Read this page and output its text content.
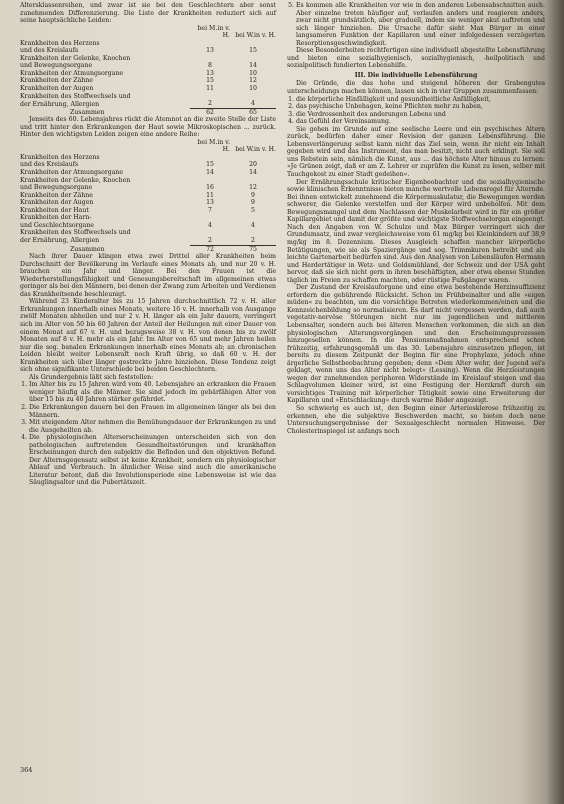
Altersklassenreihen, und zwar ist sie bei den Geschlechtern aber sonst zunehmenden Differenzierung. Die Liste der Krankheiten reduziert sich auf seine hauptsächliche Leiden:

	bei M.in v. H.	bei W.in v. H.
Krankheiten des Herzens		
und des Kreislaufs	13	15
Krankheiten der Gelenke, Knochen		
und Bewegungsorgane	8	14
Krankheiten der Atmungsorgane	13	10
Krankheiten der Zähne	15	12
Krankheiten der Augen	11	10
Krankheiten des Stoffwechsels und		
der Ernährung, Allergien	2	4
Zusammen	62	65

Jenseits des 60. Lebensjahres rückt die Atemnot an die zweite Stelle der Liste und tritt hinter den Erkrankungen der Haut sowie Mikroskopischen ... zurück. Hinter den wichtigsten Leiden zeigen eine andere Reihe:

	bei M.in v. H.	bei W.in v. H.
Krankheiten des Herzens		
und des Kreislaufs	15	20
Krankheiten der Atmungsorgane	14	14
Krankheiten der Gelenke, Knochen		
und Bewegungsorgane	16	12
Krankheiten der Zähne	11	9
Krankheiten der Augen	13	9
Krankheiten der Haut	7	5
Krankheiten der Harn-		
und Geschlechtsorgane	4	4
Krankheiten des Stoffwechsels und		
der Ernährung, Allergien	2	2
Zusammen	72	75

Nach ihrer Dauer klingen etwa zwei Drittel aller Krankheiten beim Durchschnitt der Bevölkerung im Verlaufe eines Monats ab, und nur 20 v. H. brauchen ein Jahr und länger. Bei den Frauen ist die Wiederherstellungsfähigkeit und Genesungsbereitschaft im allgemeinen etwas geringer als bei den Männern, bei denen der Zwang zum Arbeiten und Verdienen das Krankheitsende beschleunigt.

Während 23 Kinderalter bis zu 15 Jahren durchschnittlich 72 v. H. aller Erkrankungen innerhalb eines Monats, weitere 16 v. H. innerhalb von Ausgange zwölf Monaten abheilen und nur 2 v. H. länger als ein Jahr dauern, verringert sich im Alter von 50 bis 60 Jahren der Anteil der Heilungen mit einer Dauer von einem Monat auf 67 v. H. und bezugsweise 38 v. H. von denen bis zu zwölf Monaten auf 8 v. H. mehr als ein Jahr. Im Alter von 65 und mehr Jahren heilen nur die sog. banalen Erkrankungen innerhalb eines Monats ab; an chronischen Leiden bleibt weiter Lebensraft noch Kraft übrig, so daß 60 v. H. der Krankheiten sich über länger gestreckte Jahre hinziehen. Diese Tendenz zeigt sich ohne signifikante Unterschiede bei beiden Geschlechtern.

Als Grundergebnis läßt sich feststellen:

1. Im Alter bis zu 15 Jahren wird vom 40. Lebensjahre an erkranken die Frauen weniger häufig als die Männer. Sie sind jedoch im gebärfähigen Alter von über 15 bis zu 40 Jahren stärker gefährdet.
2. Die Erkrankungen dauern bei den Frauen im allgemeinen länger als bei den Männern.
3. Mit steigendem Alter nehmen die Bemühungsdauer der Erkrankungen zu und die Ausgeheilten ab.
4. Die physiologischen Alterserscheinungen unterscheiden sich von den pathologischen auftretenden Gesundheitsstörungen und krankhaften Erscheinungen durch den subjektiv die Befinden und den objektiven Befund. Der Alternsgegensatz selbst ist keine Krankheit, sondern ein physiologischer Ablauf und Verbrauch. In ähnlicher Weise sind auch die amerikanische Literatur betont, daß die Involutionsperiode eine Lebensweise ist wie das Säuglingsalter und die Pubertätszeit.
5. Es kommen alle Krankheiten vor wie in den anderen Lebensabschnitten auch. Aber einzelne treten häufiger auf, verlaufen anders und reagieren anders, zwar nicht grundsätzlich, aber graduell, indem sie weniger akut auftreten und sich länger hinziehen. Die Ursache dafür sieht Max Bürger in einer langsameren Funktion der Kapillaren und einer infolgedessen verzögerten Resorptionsgeschwindigkeit.

Diese Besonderheiten rechtfertigen eine individuell abgestellte Lebensführung und bieten eine sozialhygienisch, sozialhygienisch, -heilpolitisch und sozialpolitisch fundierten Lebenshilfe.

III. Die individuelle Lebensführung

Die Gründe, die das hohe und steigend höheren der Grabengutes unterscheidungs machen können, lassen sich in vier Gruppen zusammenfassen:

1. die körperliche Hinfälligkeit und gesundheitliche Anfälligkeit,
2. das psychische Unbehagen, keine Pflichten mehr zu haben,
3. die Verdrossenheit des anderungen Lebens und
4. das Gefühl der Vereinsamung.

Sie gehen im Grunde auf eine seelische Leere und ein psychisches Altern zurück, bedürfen daher einer Revision der ganzen Lebensführung. Die Lebensverlängerung selbst kann nicht das Ziel sein, wenn ihr nicht ein Inhalt gegeben wird und das Instrument, das man besitzt, nicht auch erklingt. Sie soll uns Rebstein sein, nämlich die Kunst, aus ... das höchste Alter hinaus zu lernen: »Je Grünen zeigt, daß er am Z. Lehrer er zuprüfen die Kunst zu lesen, selber mit Tauchgekost zu einer Stadt gedeihen«.

Der Ernährungsschule kritischer Eigenbeobachter und die sozialhygienische sowie klinischen Erkenntnisse bieten manche wertvolle Lebensregel für Alternde. Bei ihnen entwickelt zunehmend die Körpermuskulatur, die Bewegungen werden schwerer, die Gelenke verstelfen und der Körper wird unbeholfen. Mit dem Bewegungsmangel und dem Nachlassen der Muskelarbeit wird in für ein größer Kapillargebiet und damit der größte und wichtigste Stoffwechselorgan eingeengt. Nach den Angaben von W. Schulze und Max Bürger verringert sich der Grundumsatz, und zwar vergleichsweise vom 61 mg/kg bei Kleinkindern auf 38,9 mg/kg im 8. Dezennium. Dieses Ausgleich schaffen mancher körperliche Betätigungen, wie sie als Spaziergänge und sog. Trimmkuren betreibt und als leichte Gartenarbeit bedürfen sind. Aus den Analysen von Lebensläufen Hermann und Herdertätiger in Wetz- und Goldsmühland, der Schweiz und der USA geht hervor, daß sie sich nicht gern in ihren beschäftigten, aber etwa ebenso Stunden täglich im Freien zu schaffen machten, oder rüstige Fußgänger waren.

Der Zustand der Kreislauforgane und eine etwa bestehende Herzinsuffizienz erfordern die gebührende Rücksicht. Schon im Frühbeinalter und alle »eigen müden« zu beachten, um die vorsichtige Betreten wiederkommen/einen und die Kennzeichenbildung so normalisieren. Es darf nicht vergessen werden, daß auch vegetativ-nervöse Störungen nicht nur im jugendlichen und mittleren Lebensalter, sondern auch bei älteren Menschen vorkommen, die sich an den physiologischen Alterungsvorgängen und den Erscheinungsprozessen hinzugesellen können. In die Pensionsmaßnahmen entsprechend schon frühzeitig, erfahrungsgemäß um das 30. Lebensjahre einzusetzen pflegen, ist bereits zu diesem Zeitpunkt der Beginn für eine Prophylaxe, jedoch ohne ärgerliche Selbstbeobachtung gegeben; denn »Dem Alter wehr, der Jugend sei's geklagt, wenn uns das Alter nicht belegt« (Lessing). Wenn die Herzleistungen wegen der zunehmenden peripheren Widerstände im Kreislauf steigen und das Schlagvolumen kleiner wird, ist eine Festigung der Herzkraft durch ein vorsichtiges Training mit körperlicher Tätigkeit sowie eine Erweiterung der Kapillaren und »Entschlackung« durch warme Bäder angezeigt.

So schwierig es auch ist, den Beginn einer Arteriosklerose frühzeitig zu erkennen, ehe die subjektive Beschwerden macht, so bieten doch neue Untersuchungsergebnisse der Sexualgeschlecht normalen Hinweise. Der Cholesterinspiegel ist anfangs noch

364
